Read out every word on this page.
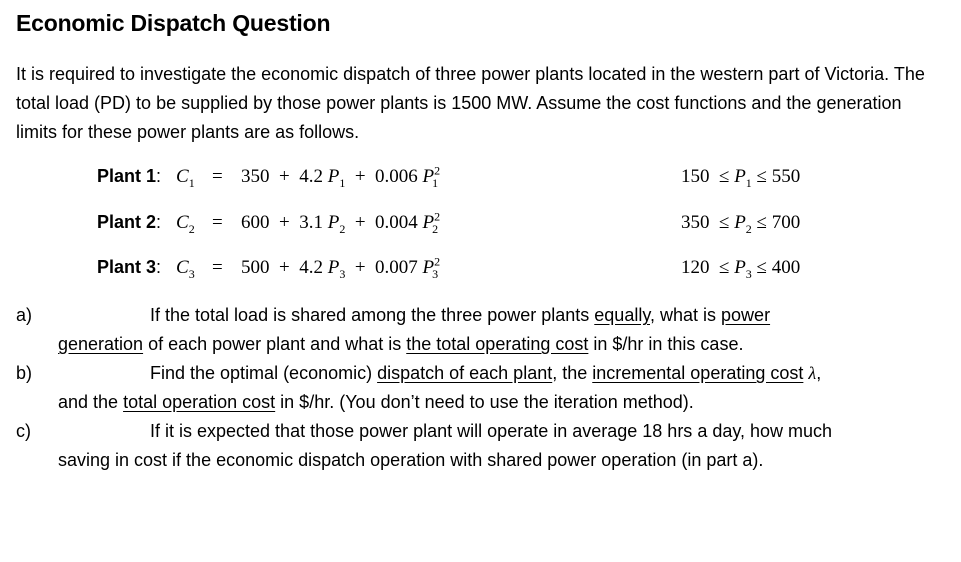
Economic Dispatch Question
It is required to investigate the economic dispatch of three power plants located in the western part of Victoria. The total load (PD) to be supplied by those power plants is 1500 MW. Assume the cost functions and the generation limits for these power plants are as follows.
Plant 1: $C_1 = 350 + 4.2$ $P_1 + 0.006$ $P^2_1$	$150 \le P_1 \le 550$
Plant 2: $C_2 = 600 + 3.1$ $P_2 + 0.004$ $P^2_2$	$350 \le P_2 \le 700$
Plant 3: $C_3 = 500 + 4.2$ $P_3 + 0.007$ $P^2_3$	$120 \le P_3 \le 400$
a)	If the total load is shared among the three power plants equally, what is power
generation of each power plant and what is the total operating cost in $/hr in this case.
b)	Find the optimal (economic) dispatch of each plant, the incremental operating cost λ,
and the total operation cost in $/hr. (You don’t need to use the iteration method).
c)	If it is expected that those power plant will operate in average 18 hrs a day, how much
saving in cost if the economic dispatch operation with shared power operation (in part a).
